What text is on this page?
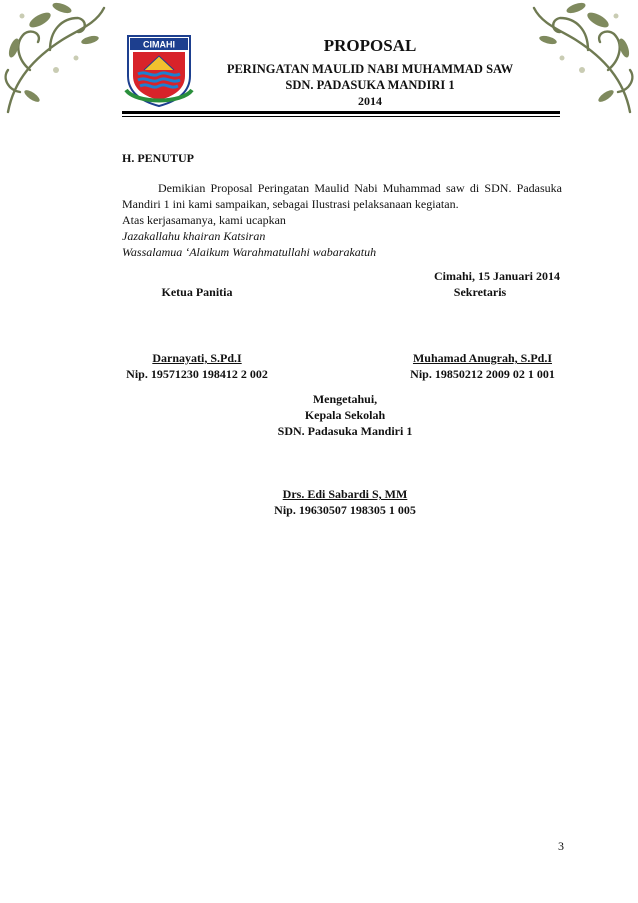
CIMAHI	PROPOSAL
PERINGATAN MAULID NABI MUHAMMAD SAW
SDN. PADASUKA MANDIRI 1
2014
H. PENUTUP
Demikian Proposal Peringatan Maulid Nabi Muhammad saw di SDN. Padasuka Mandiri 1 ini kami sampaikan, sebagai Ilustrasi pelaksanaan kegiatan.
Atas kerjasamanya, kami ucapkan
Jazakallahu khairan Katsiran
Wassalamua ‘Alaikum Warahmatullahi wabarakatuh
Cimahi, 15 Januari 2014
Ketua Panitia	Sekretaris
Darnayati, S.Pd.I
Nip. 19571230 198412 2 002
Muhamad Anugrah, S.Pd.I
Nip. 19850212 2009 02 1 001
Mengetahui,
Kepala Sekolah
SDN. Padasuka Mandiri 1
Drs. Edi Sabardi S, MM
Nip. 19630507 198305 1 005
3
